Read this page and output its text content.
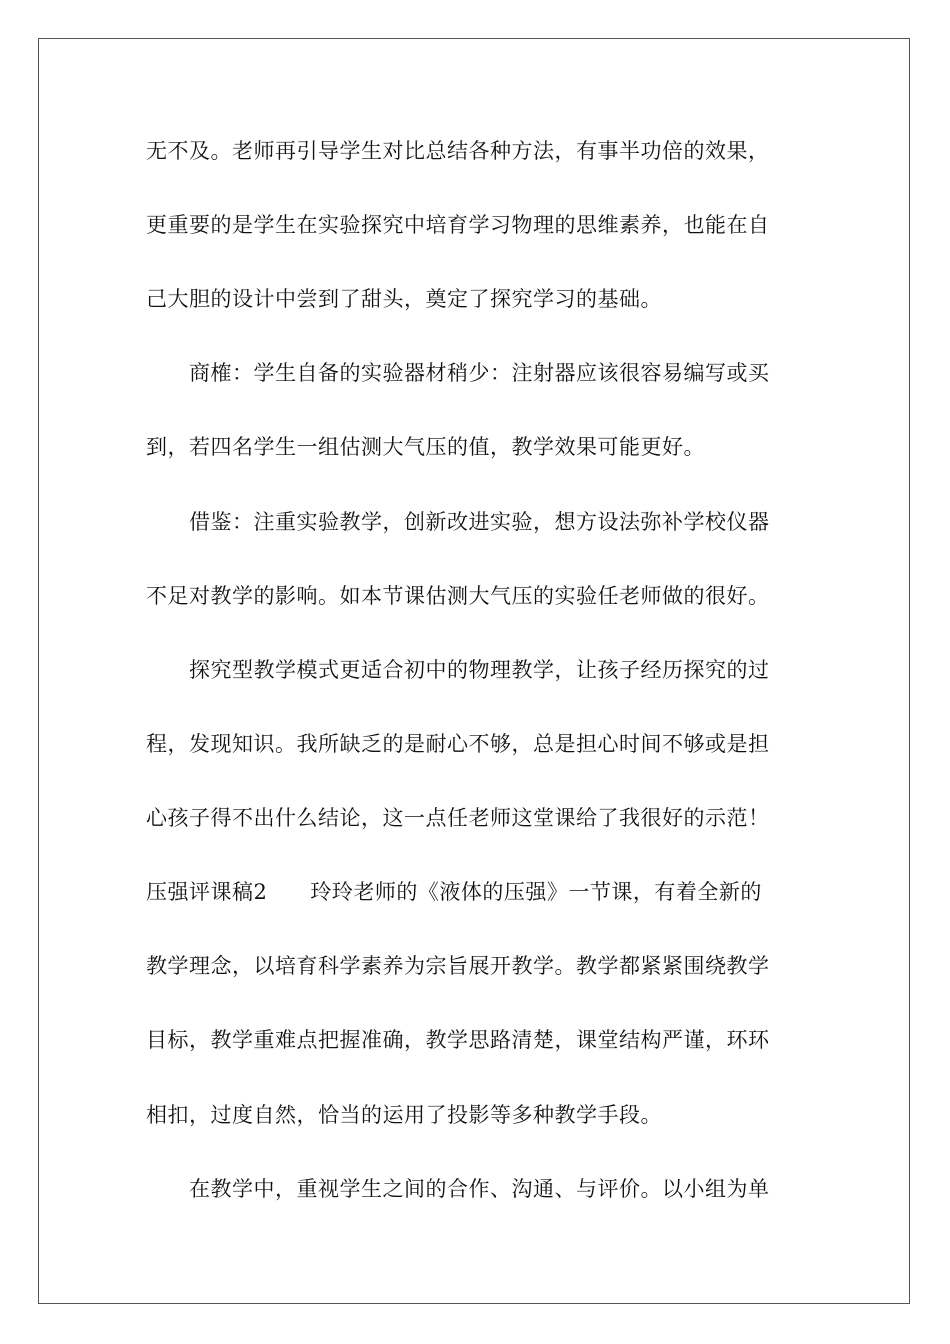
无不及。老师再引导学生对比总结各种方法，有事半功倍的效果，
更重要的是学生在实验探究中培育学习物理的思维素养，也能在自
己大胆的设计中尝到了甜头，奠定了探究学习的基础。
商榷：学生自备的实验器材稍少：注射器应该很容易编写或买
到，若四名学生一组估测大气压的值，教学效果可能更好。
借鉴：注重实验教学，创新改进实验，想方设法弥补学校仪器
不足对教学的影响。如本节课估测大气压的实验任老师做的很好。
探究型教学模式更适合初中的物理教学，让孩子经历探究的过
程，发现知识。我所缺乏的是耐心不够，总是担心时间不够或是担
心孩子得不出什么结论，这一点任老师这堂课给了我很好的示范！
压强评课稿2　　玲玲老师的《液体的压强》一节课，有着全新的
教学理念，以培育科学素养为宗旨展开教学。教学都紧紧围绕教学
目标，教学重难点把握准确，教学思路清楚，课堂结构严谨，环环
相扣，过度自然，恰当的运用了投影等多种教学手段。
在教学中，重视学生之间的合作、沟通、与评价。以小组为单
